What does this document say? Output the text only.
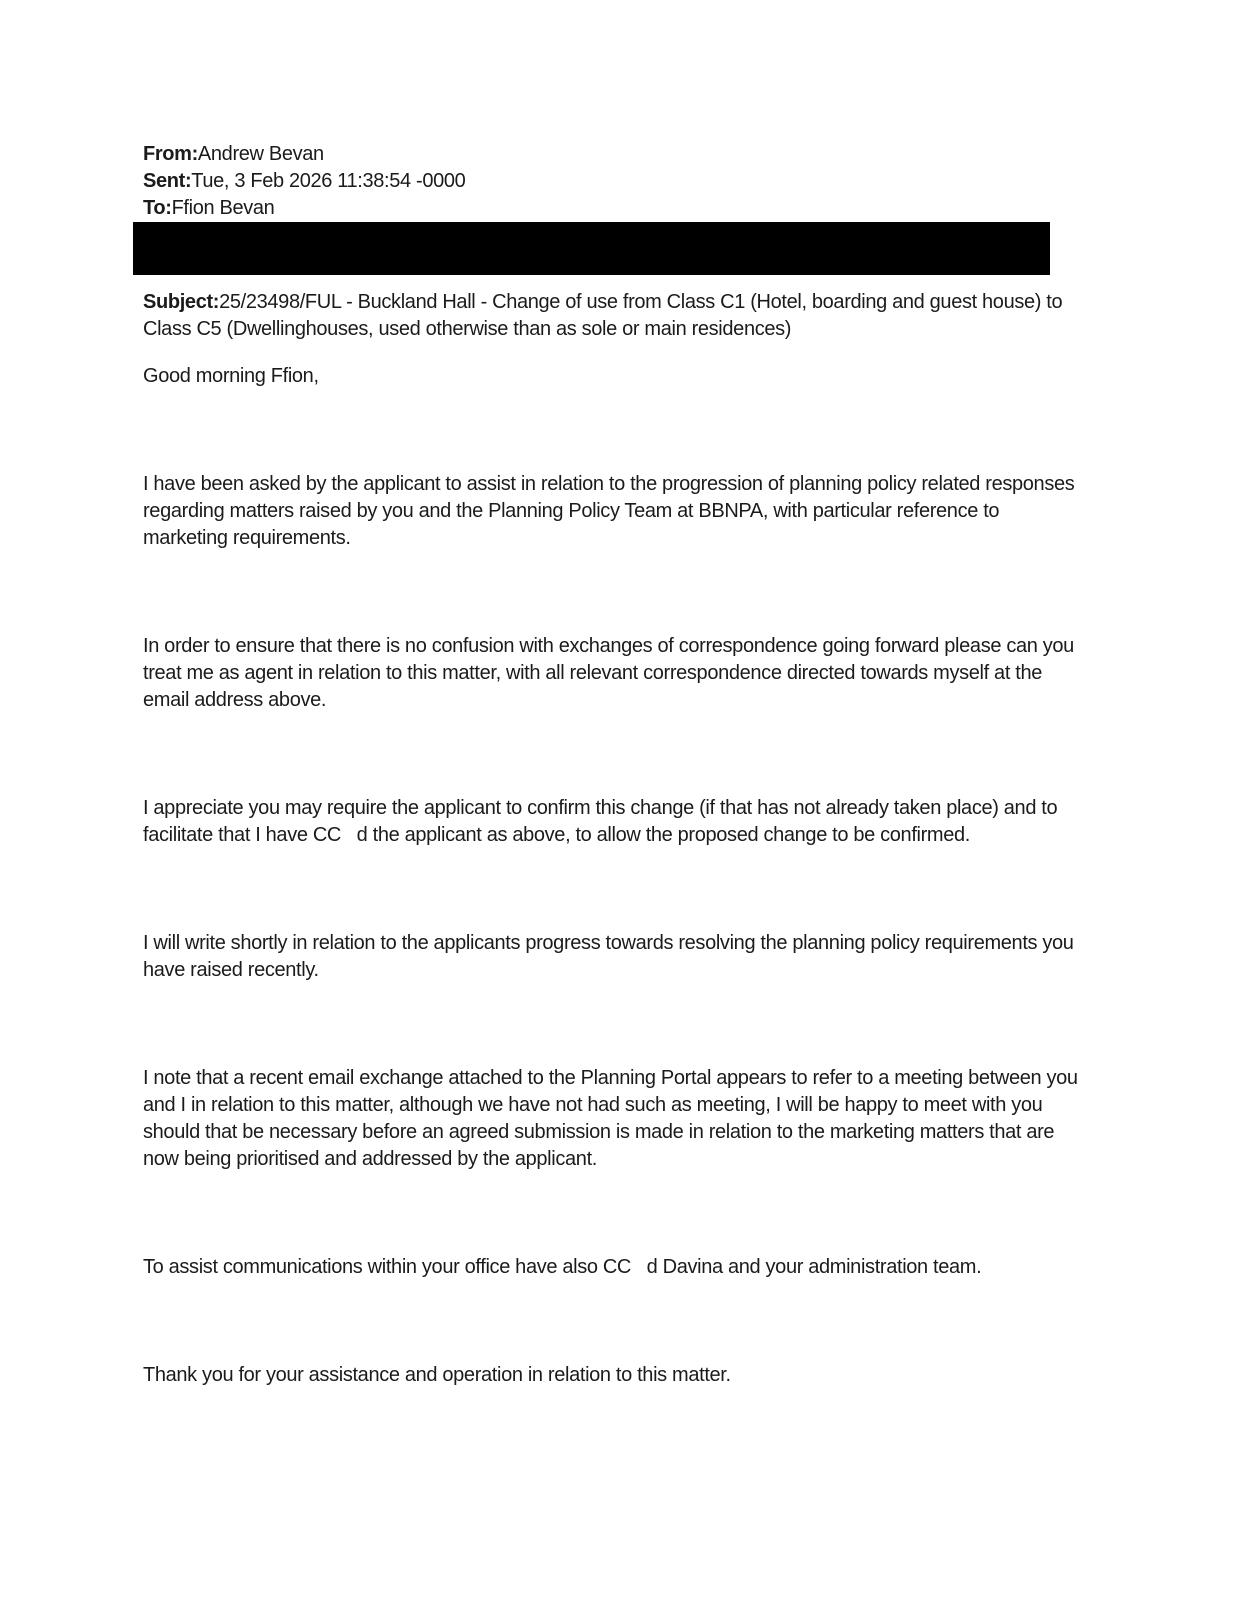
From:Andrew Bevan
Sent:Tue, 3 Feb 2026 11:38:54 -0000
To:Ffion Bevan
Subject:25/23498/FUL - Buckland Hall - Change of use from Class C1 (Hotel, boarding and guest house) to Class C5 (Dwellinghouses, used otherwise than as sole or main residences)
Good morning Ffion,
I have been asked by the applicant to assist in relation to the progression of planning policy related responses regarding matters raised by you and the Planning Policy Team at BBNPA, with particular reference to marketing requirements.
In order to ensure that there is no confusion with exchanges of correspondence going forward please can you treat me as agent in relation to this matter, with all relevant correspondence directed towards myself at the email address above.
I appreciate you may require the applicant to confirm this change (if that has not already taken place) and to facilitate that I have CC   d the applicant as above, to allow the proposed change to be confirmed.
I will write shortly in relation to the applicants progress towards resolving the planning policy requirements you have raised recently.
I note that a recent email exchange attached to the Planning Portal appears to refer to a meeting between you and I in relation to this matter, although we have not had such as meeting, I will be happy to meet with you should that be necessary before an agreed submission is made in relation to the marketing matters that are now being prioritised and addressed by the applicant.
To assist communications within your office have also CC   d Davina and your administration team.
Thank you for your assistance and operation in relation to this matter.
